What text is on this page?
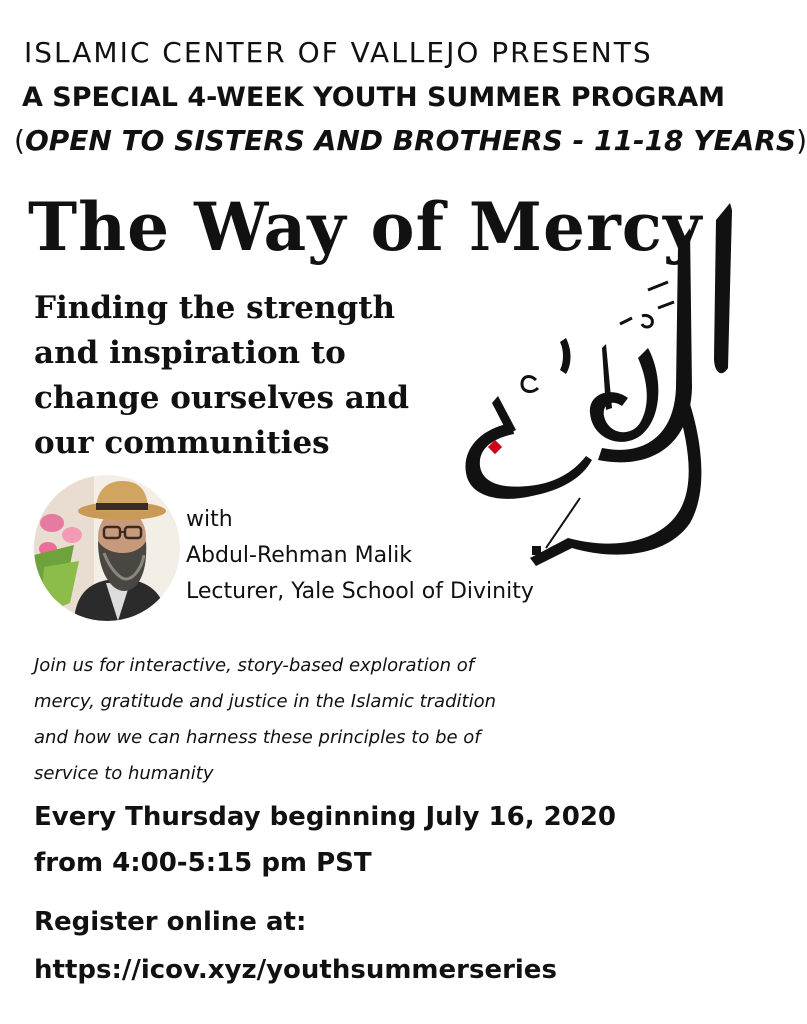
ISLAMIC CENTER OF VALLEJO PRESENTS
A SPECIAL 4-WEEK YOUTH SUMMER PROGRAM
(OPEN TO SISTERS AND BROTHERS - 11-18 YEARS)
The Way of Mercy
Finding the strength
and inspiration to
change ourselves and
our communities
with
Abdul-Rehman Malik
Lecturer, Yale School of Divinity
Join us for interactive, story-based exploration of
mercy, gratitude and justice in the Islamic tradition
and how we can harness these principles to be of
service to humanity
Every Thursday beginning July 16, 2020
from 4:00-5:15 pm PST
Register online at:
https://icov.xyz/youthsummerseries
